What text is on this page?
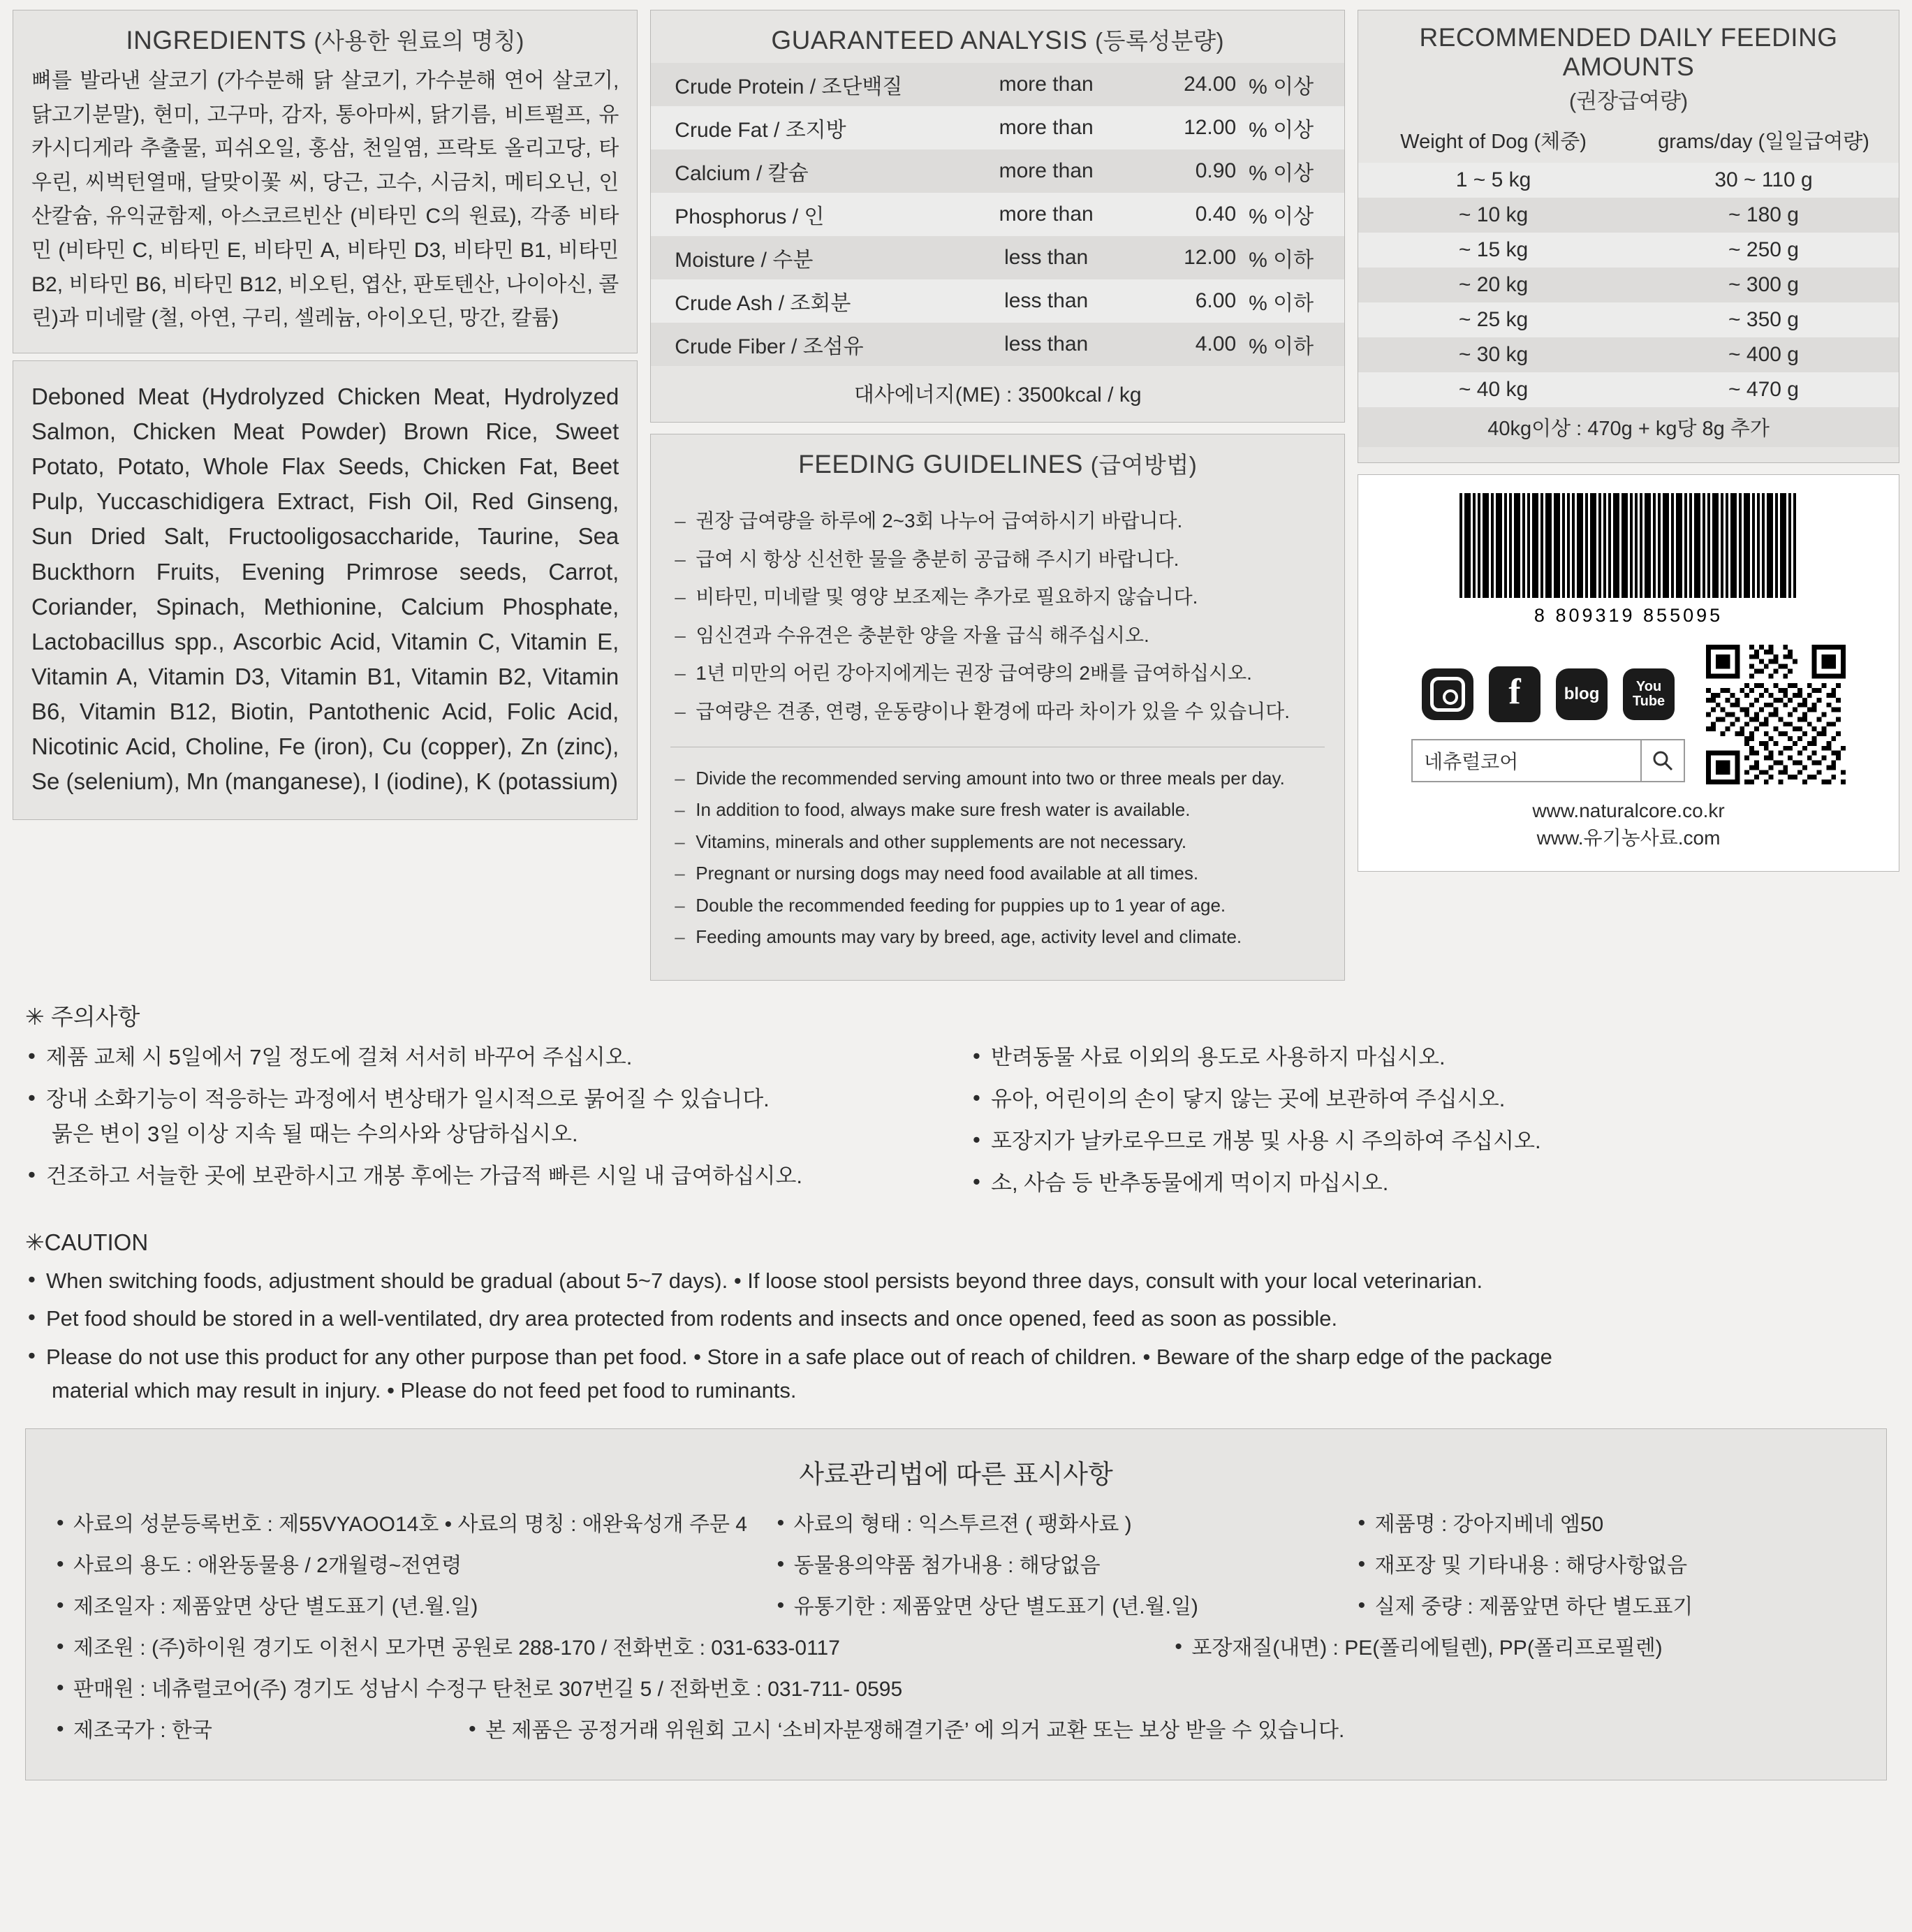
INGREDIENTS (사용한 원료의 명칭)
뼈를 발라낸 살코기 (가수분해 닭 살코기, 가수분해 연어 살코기, 닭고기분말), 현미, 고구마, 감자, 통아마씨, 닭기름, 비트펄프, 유카시디게라 추출물, 피쉬오일, 홍삼, 천일염, 프락토 올리고당, 타우린, 씨벅턴열매, 달맞이꽃 씨, 당근, 고수, 시금치, 메티오닌, 인산칼슘, 유익균함제, 아스코르빈산 (비타민 C의 원료), 각종 비타민 (비타민 C, 비타민 E, 비타민 A, 비타민 D3, 비타민 B1, 비타민 B2, 비타민 B6, 비타민 B12, 비오틴, 엽산, 판토텐산, 나이아신, 콜린)과 미네랄 (철, 아연, 구리, 셀레늄, 아이오딘, 망간, 칼륨)
Deboned Meat (Hydrolyzed Chicken Meat, Hydrolyzed Salmon, Chicken Meat Powder) Brown Rice, Sweet Potato, Potato, Whole Flax Seeds, Chicken Fat, Beet Pulp, Yuccaschidigera Extract, Fish Oil, Red Ginseng, Sun Dried Salt, Fructooligosaccharide, Taurine, Sea Buckthorn Fruits, Evening Primrose seeds, Carrot, Coriander, Spinach, Methionine, Calcium Phosphate, Lactobacillus spp., Ascorbic Acid, Vitamin C, Vitamin E, Vitamin A, Vitamin D3, Vitamin B1, Vitamin B2, Vitamin B6, Vitamin B12, Biotin, Pantothenic Acid, Folic Acid, Nicotinic Acid, Choline, Fe (iron), Cu (copper), Zn (zinc), Se (selenium), Mn (manganese), I (iodine), K (potassium)
GUARANTEED ANALYSIS (등록성분량)
Crude Protein / 조단백질	more than	24.00	% 이상
Crude Fat / 조지방	more than	12.00	% 이상
Calcium / 칼슘	more than	0.90	% 이상
Phosphorus / 인	more than	0.40	% 이상
Moisture / 수분	less than	12.00	% 이하
Crude Ash / 조회분	less than	6.00	% 이하
Crude Fiber / 조섬유	less than	4.00	% 이하
대사에너지(ME) : 3500kcal / kg
FEEDING GUIDELINES (급여방법)
– 권장 급여량을 하루에 2~3회 나누어 급여하시기 바랍니다.
– 급여 시 항상 신선한 물을 충분히 공급해 주시기 바랍니다.
– 비타민, 미네랄 및 영양 보조제는 추가로 필요하지 않습니다.
– 임신견과 수유견은 충분한 양을 자율 급식 해주십시오.
– 1년 미만의 어린 강아지에게는 권장 급여량의 2배를 급여하십시오.
– 급여량은 견종, 연령, 운동량이나 환경에 따라 차이가 있을 수 있습니다.
– Divide the recommended serving amount into two or three meals per day.
– In addition to food, always make sure fresh water is available.
– Vitamins, minerals and other supplements are not necessary.
– Pregnant or nursing dogs may need food available at all times.
– Double the recommended feeding for puppies up to 1 year of age.
– Feeding amounts may vary by breed, age, activity level and climate.
RECOMMENDED DAILY FEEDING AMOUNTS
(권장급여량)
Weight of Dog (체중)	grams/day (일일급여량)
1 ~ 5 kg	30 ~ 110 g
~ 10 kg	~ 180 g
~ 15 kg	~ 250 g
~ 20 kg	~ 300 g
~ 25 kg	~ 350 g
~ 30 kg	~ 400 g
~ 40 kg	~ 470 g
40kg이상 : 470g + kg당 8g 추가	
8 809319 855095
f	blog	You
Tube
네츄럴코어
www.naturalcore.co.kr
www.유기농사료.com
✳ 주의사항
• 제품 교체 시 5일에서 7일 정도에 걸쳐 서서히 바꾸어 주십시오.
• 장내 소화기능이 적응하는 과정에서 변상태가 일시적으로 묽어질 수 있습니다.
묽은 변이 3일 이상 지속 될 때는 수의사와 상담하십시오.
• 건조하고 서늘한 곳에 보관하시고 개봉 후에는 가급적 빠른 시일 내 급여하십시오.
• 반려동물 사료 이외의 용도로 사용하지 마십시오.
• 유아, 어린이의 손이 닿지 않는 곳에 보관하여 주십시오.
• 포장지가 날카로우므로 개봉 및 사용 시 주의하여 주십시오.
• 소, 사슴 등 반추동물에게 먹이지 마십시오.
✳CAUTION
• When switching foods, adjustment should be gradual (about 5~7 days). • If loose stool persists beyond three days, consult with your local veterinarian.
• Pet food should be stored in a well-ventilated, dry area protected from rodents and insects and once opened, feed as soon as possible.
• Please do not use this product for any other purpose than pet food. • Store in a safe place out of reach of children. • Beware of the sharp edge of the package
material which may result in injury. • Please do not feed pet food to ruminants.
사료관리법에 따른 표시사항
• 사료의 성분등록번호 : 제55VYAOO14호 • 사료의 명칭 : 애완육성개 주문 4	• 사료의 형태 : 익스투르젼 ( 팽화사료 )	• 제품명 : 강아지베네 엠50
• 사료의 용도 : 애완동물용 / 2개월령~전연령	• 동물용의약품 첨가내용 : 해당없음	• 재포장 및 기타내용 : 해당사항없음
• 제조일자 : 제품앞면 상단 별도표기 (년.월.일)	• 유통기한 : 제품앞면 상단 별도표기 (년.월.일)	• 실제 중량 : 제품앞면 하단 별도표기
• 제조원 : (주)하이원 경기도 이천시 모가면 공원로 288-170 / 전화번호 : 031-633-0117	• 포장재질(내면) : PE(폴리에틸렌), PP(폴리프로필렌)
• 판매원 : 네츄럴코어(주) 경기도 성남시 수정구 탄천로 307번길 5 / 전화번호 : 031-711- 0595
• 제조국가 : 한국	• 본 제품은 공정거래 위원회 고시 ‘소비자분쟁해결기준’ 에 의거 교환 또는 보상 받을 수 있습니다.
